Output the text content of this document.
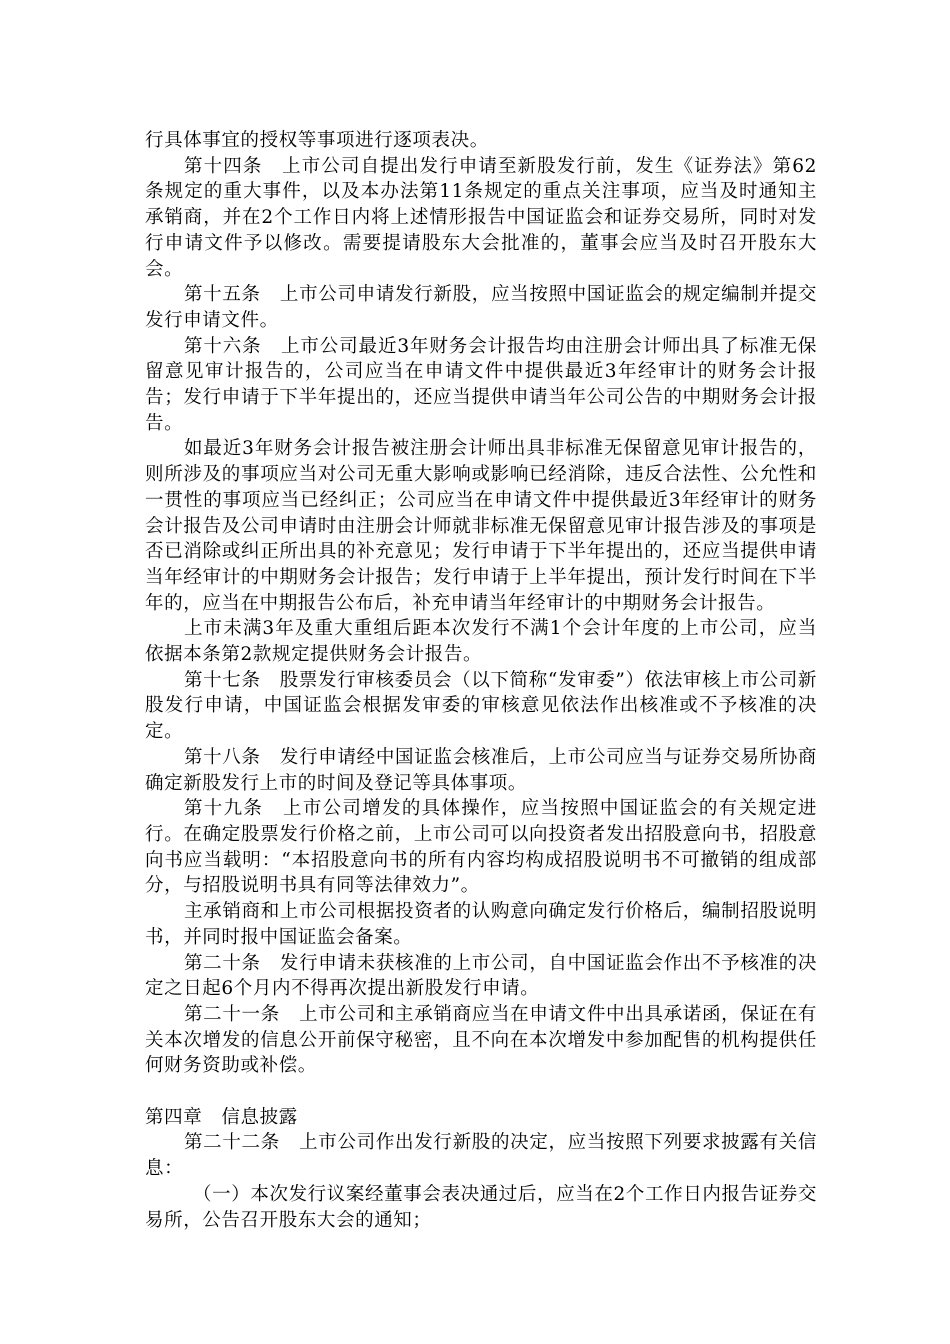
行具体事宜的授权等事项进行逐项表决。

第十四条　上市公司自提出发行申请至新股发行前，发生《证券法》第62条规定的重大事件，以及本办法第11条规定的重点关注事项，应当及时通知主承销商，并在2个工作日内将上述情形报告中国证监会和证券交易所，同时对发行申请文件予以修改。需要提请股东大会批准的，董事会应当及时召开股东大会。

第十五条　上市公司申请发行新股，应当按照中国证监会的规定编制并提交发行申请文件。

第十六条　上市公司最近3年财务会计报告均由注册会计师出具了标准无保留意见审计报告的，公司应当在申请文件中提供最近3年经审计的财务会计报告；发行申请于下半年提出的，还应当提供申请当年公司公告的中期财务会计报告。

如最近3年财务会计报告被注册会计师出具非标准无保留意见审计报告的，则所涉及的事项应当对公司无重大影响或影响已经消除，违反合法性、公允性和一贯性的事项应当已经纠正；公司应当在申请文件中提供最近3年经审计的财务会计报告及公司申请时由注册会计师就非标准无保留意见审计报告涉及的事项是否已消除或纠正所出具的补充意见；发行申请于下半年提出的，还应当提供申请当年经审计的中期财务会计报告；发行申请于上半年提出，预计发行时间在下半年的，应当在中期报告公布后，补充申请当年经审计的中期财务会计报告。

上市未满3年及重大重组后距本次发行不满1个会计年度的上市公司，应当依据本条第2款规定提供财务会计报告。

第十七条　股票发行审核委员会（以下简称“发审委”）依法审核上市公司新股发行申请，中国证监会根据发审委的审核意见依法作出核准或不予核准的决定。

第十八条　发行申请经中国证监会核准后，上市公司应当与证券交易所协商确定新股发行上市的时间及登记等具体事项。

第十九条　上市公司增发的具体操作，应当按照中国证监会的有关规定进行。在确定股票发行价格之前，上市公司可以向投资者发出招股意向书，招股意向书应当载明：“本招股意向书的所有内容均构成招股说明书不可撤销的组成部分，与招股说明书具有同等法律效力”。

主承销商和上市公司根据投资者的认购意向确定发行价格后，编制招股说明书，并同时报中国证监会备案。

第二十条　发行申请未获核准的上市公司，自中国证监会作出不予核准的决定之日起6个月内不得再次提出新股发行申请。

第二十一条　上市公司和主承销商应当在申请文件中出具承诺函，保证在有关本次增发的信息公开前保守秘密，且不向在本次增发中参加配售的机构提供任何财务资助或补偿。

第四章　信息披露

第二十二条　上市公司作出发行新股的决定，应当按照下列要求披露有关信息：

（一）本次发行议案经董事会表决通过后，应当在2个工作日内报告证券交易所，公告召开股东大会的通知；
